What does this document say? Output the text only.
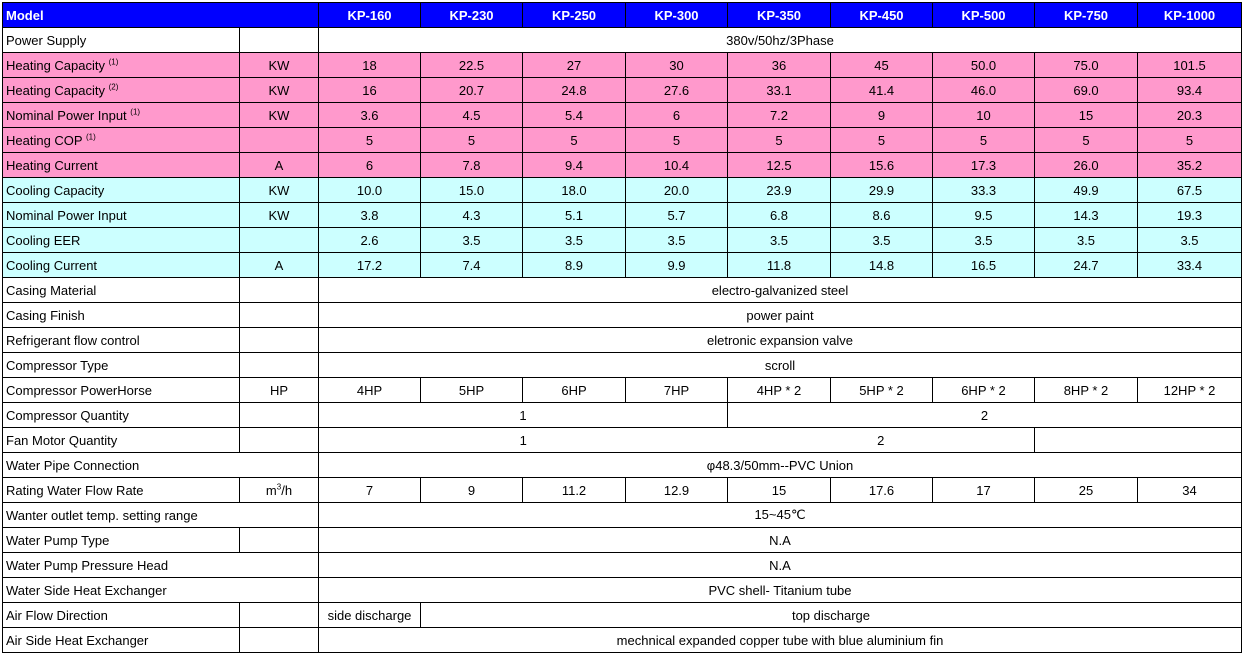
Model		KP-160	KP-230	KP-250	KP-300	KP-350	KP-450	KP-500	KP-750	KP-1000
Power Supply		380v/50hz/3Phase								
Heating Capacity $^{(1)}$	KW	18	22.5	27	30	36	45	50.0	75.0	101.5
Heating Capacity $^{(2)}$	KW	16	20.7	24.8	27.6	33.1	41.4	46.0	69.0	93.4
Nominal Power Input $^{(1)}$	KW	3.6	4.5	5.4	6	7.2	9	10	15	20.3
Heating COP $^{(1)}$		5	5	5	5	5	5	5	5	5
Heating Current	A	6	7.8	9.4	10.4	12.5	15.6	17.3	26.0	35.2
Cooling Capacity	KW	10.0	15.0	18.0	20.0	23.9	29.9	33.3	49.9	67.5
Nominal Power Input	KW	3.8	4.3	5.1	5.7	6.8	8.6	9.5	14.3	19.3
Cooling EER		2.6	3.5	3.5	3.5	3.5	3.5	3.5	3.5	3.5
Cooling Current	A	17.2	7.4	8.9	9.9	11.8	14.8	16.5	24.7	33.4
Casing Material		electro-galvanized steel								
Casing Finish		power paint								
Refrigerant flow control		eletronic expansion valve								
Compressor Type		scroll								
Compressor PowerHorse	HP	4HP	5HP	6HP	7HP	4HP * 2	5HP * 2	6HP * 2	8HP * 2	12HP * 2
Compressor Quantity		1				2				
Fan Motor Quantity		1				2				
Water Pipe Connection		φ48.3/50mm--PVC Union								
Rating Water Flow Rate	$m^3/h$	7	9	11.2	12.9	15	17.6	17	25	34
Wanter outlet temp. setting range		15~45℃								
Water Pump Type		N.A								
Water Pump Pressure Head		N.A								
Water Side Heat Exchanger		PVC shell- Titanium tube								
Air Flow Direction		side discharge	top discharge							
Air Side Heat Exchanger		mechnical expanded copper tube with blue aluminium fin								
